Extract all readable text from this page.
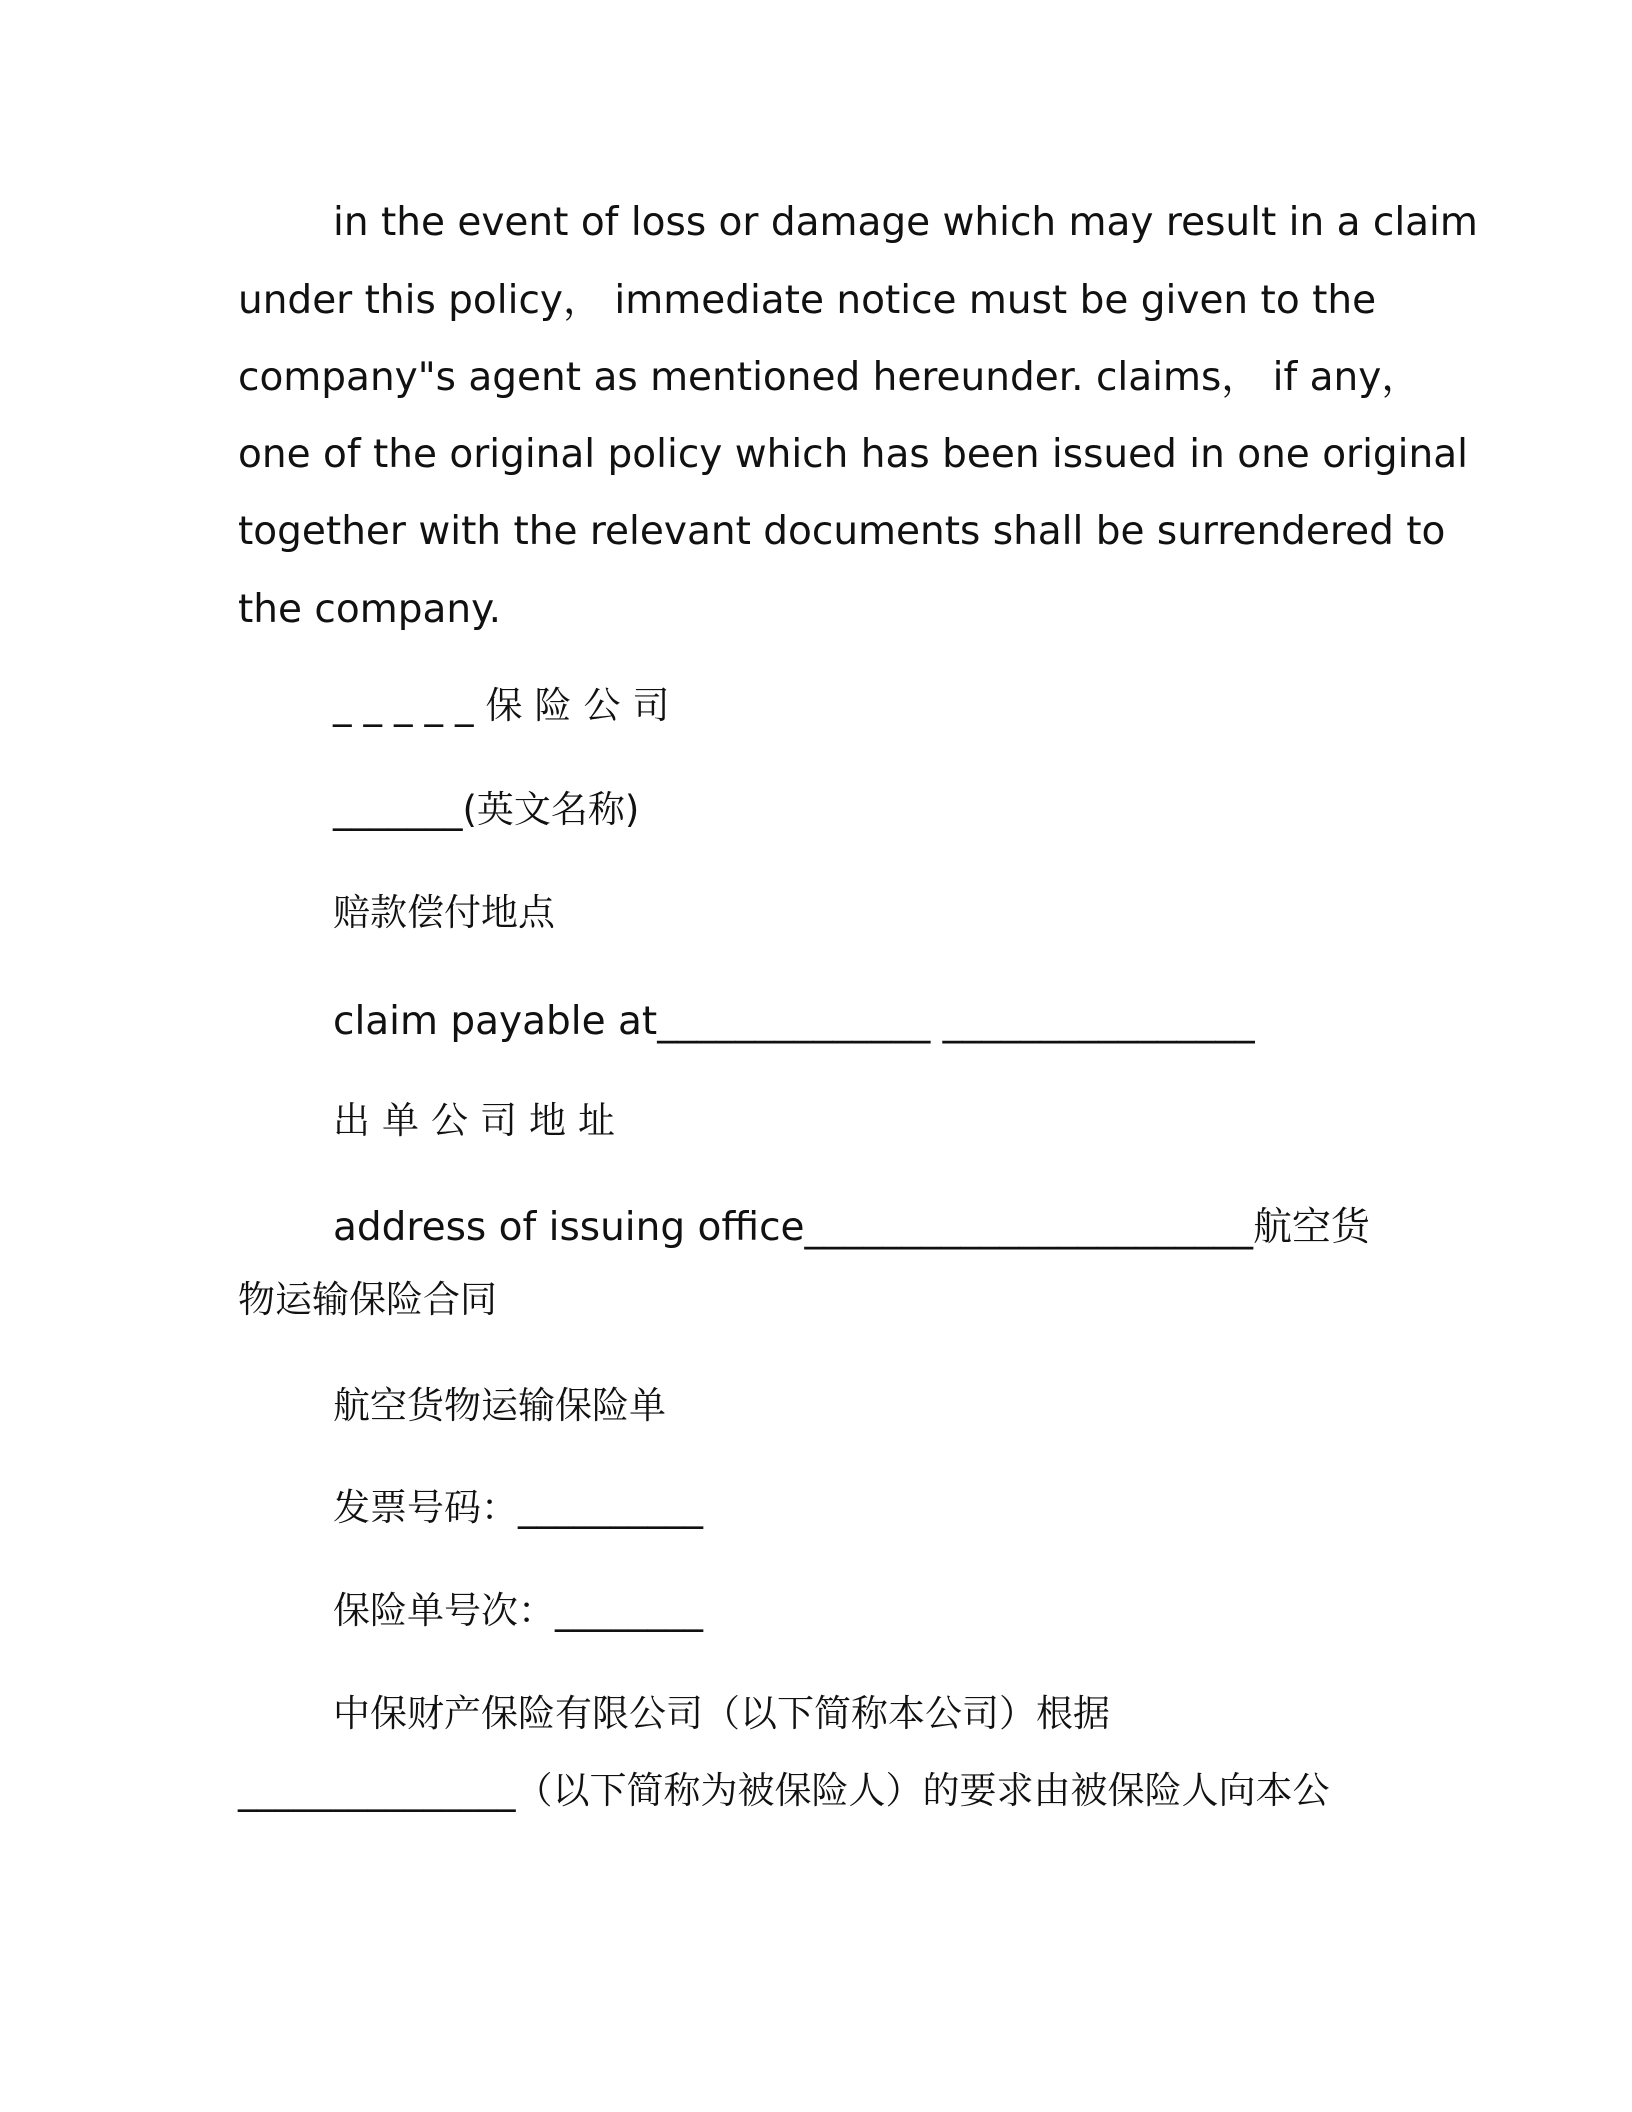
in the event of loss or damage which may result in a claim
under this policy， immediate notice must be given to the
company"s agent as mentioned hereunder. claims， if any，
one of the original policy which has been issued in one original
together with the relevant documents shall be surrendered to
the company.
_____保险公司
_______(英文名称)
赔款偿付地点
claim payable at______________ ________________
出单公司地址
address of issuing office_______________________航空货
物运输保险合同
航空货物运输保险单
发票号码：__________
保险单号次：________
中保财产保险有限公司（以下简称本公司）根据
_______________（以下简称为被保险人）的要求由被保险人向本公
